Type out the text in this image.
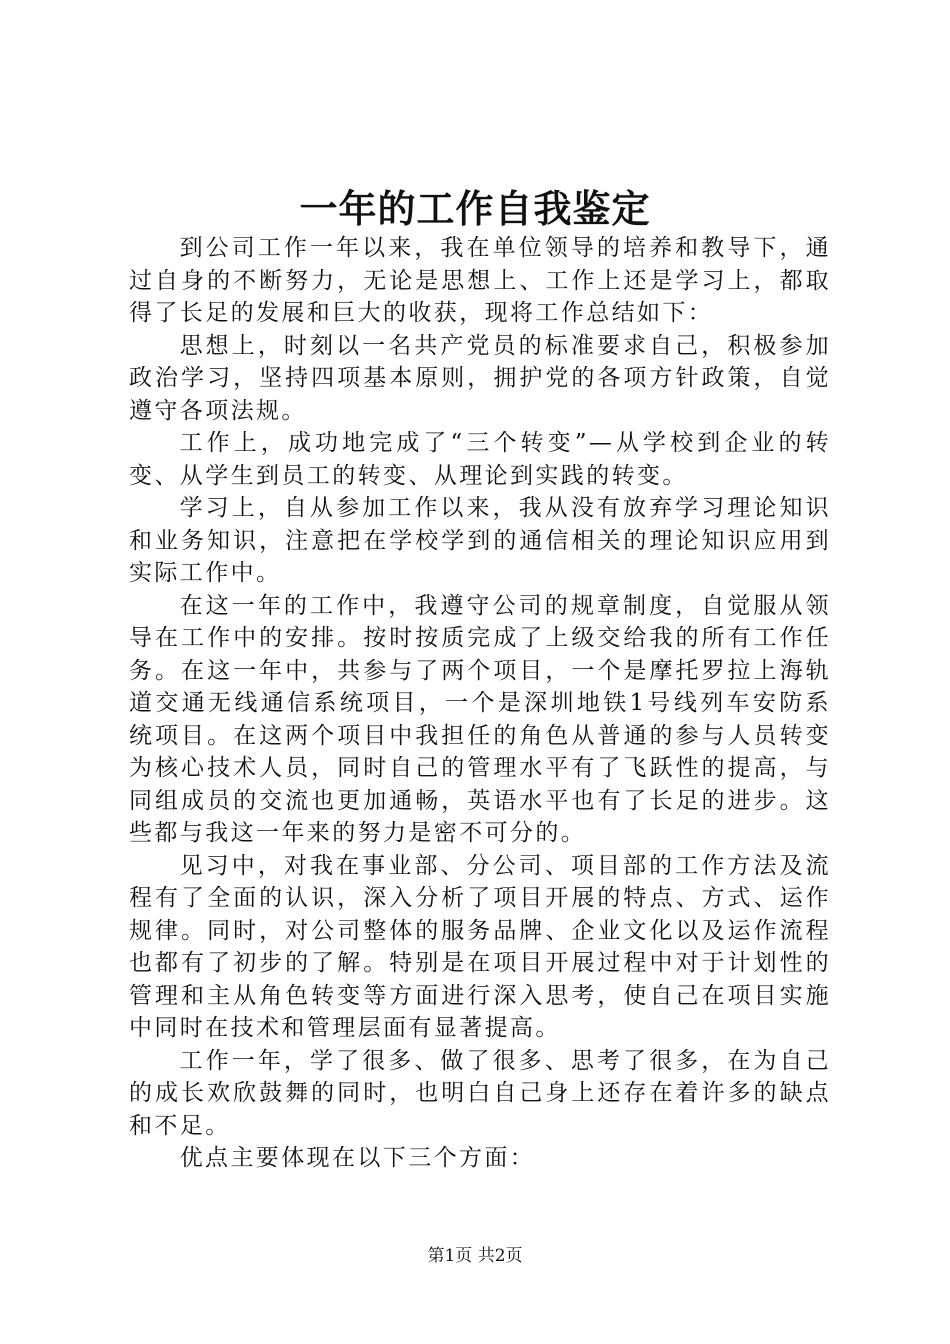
一年的工作自我鉴定

到公司工作一年以来，我在单位领导的培养和教导下，通过自身的不断努力，无论是思想上、工作上还是学习上，都取得了长足的发展和巨大的收获，现将工作总结如下：

思想上，时刻以一名共产党员的标准要求自己，积极参加政治学习，坚持四项基本原则，拥护党的各项方针政策，自觉遵守各项法规。

工作上，成功地完成了“三个转变”—从学校到企业的转变、从学生到员工的转变、从理论到实践的转变。

学习上，自从参加工作以来，我从没有放弃学习理论知识和业务知识，注意把在学校学到的通信相关的理论知识应用到实际工作中。

在这一年的工作中，我遵守公司的规章制度，自觉服从领导在工作中的安排。按时按质完成了上级交给我的所有工作任务。在这一年中，共参与了两个项目，一个是摩托罗拉上海轨道交通无线通信系统项目，一个是深圳地铁1号线列车安防系统项目。在这两个项目中我担任的角色从普通的参与人员转变为核心技术人员，同时自己的管理水平有了飞跃性的提高，与同组成员的交流也更加通畅，英语水平也有了长足的进步。这些都与我这一年来的努力是密不可分的。

见习中，对我在事业部、分公司、项目部的工作方法及流程有了全面的认识，深入分析了项目开展的特点、方式、运作规律。同时，对公司整体的服务品牌、企业文化以及运作流程也都有了初步的了解。特别是在项目开展过程中对于计划性的管理和主从角色转变等方面进行深入思考，使自己在项目实施中同时在技术和管理层面有显著提高。

工作一年，学了很多、做了很多、思考了很多，在为自己的成长欢欣鼓舞的同时，也明白自己身上还存在着许多的缺点和不足。

优点主要体现在以下三个方面：

第1页 共2页
